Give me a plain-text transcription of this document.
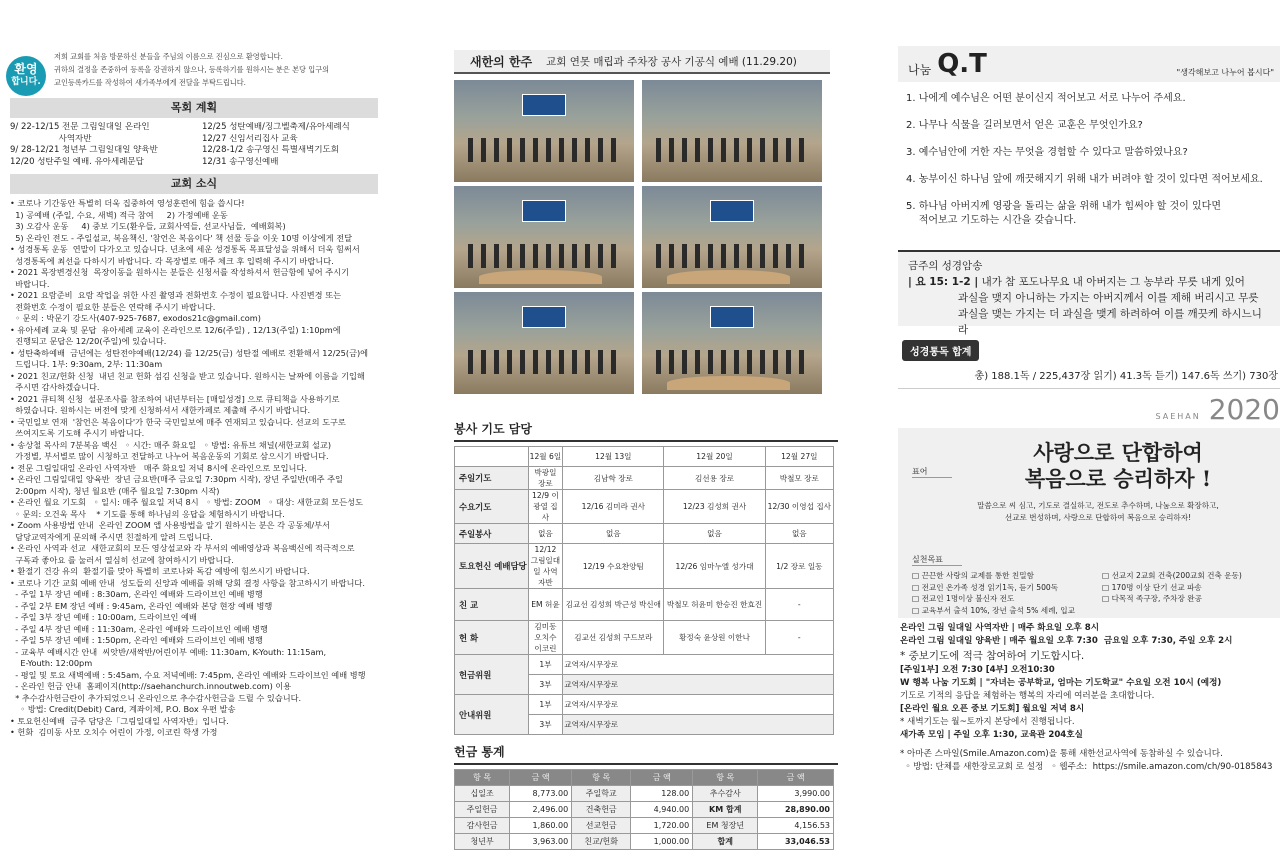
환영
합니다.

저희 교회를 처음 방문하신 분들을 주님의 이름으로 진심으로 환영합니다.

귀하의 결정을 존중하여 등록을 강권하지 않으나, 등록하기를 원하시는 분은 본당 입구의

교인등록카드를 작성하여 새가족부에게 전달을 부탁드립니다.

목회 계획
9/ 22-12/15 전문 그림일대일 온라인	12/25 성탄예배/징그벨축제/유아세례식
사역자반	12/27 신임서리집사 교육
9/ 28-12/21 청년부 그림일대일 양육반	12/28-1/2 송구영신 특별새벽기도회
12/20 성탄주일 예배. 유아세례문답	12/31 송구영신예배
교회 소식

• 코로나 기간동안 특별히 더욱 집중하여 영성훈련에 힘을 씁시다!

1) 공예배 (주일, 수요, 새벽) 적극 참여     2) 가정예배 운동

3) 오감사 운동     4) 중보 기도(환우들, 교회사역들, 선교사님들,  예배회복)

5) 온라인 전도 - 주일설교, 복음책신, '참언은 복음이다' 책 선물 등을 이웃 10명 이상에게 전달

• 성경통독 운동  연말이 다가오고 있습니다. 년초에 세운 성경통독 목표달성을 위해서 더욱 힘써서

성경통독에 최선을 다하시기 바랍니다. 각 목장별로 매주 체크 후 입력해 주시기 바랍니다.

• 2021 목장변경신청  목장이동을 원하시는 분들은 신청서를 작성하셔서 헌금함에 넣어 주시기

바랍니다.

• 2021 요람준비  요람 작업을 위한 사진 촬영과 전화번호 수정이 필요합니다. 사진변경 또는

전화번호 수정이 필요한 분들은 연락해 주시기 바랍니다.

◦ 문의 : 박문기 강도사(407-925-7687, exodos21c@gmail.com)

• 유아세례 교육 및 문답  유아세례 교육이 온라인으로 12/6(주일) , 12/13(주일) 1:10pm에

진행되고 문답은 12/20(주일)에 있습니다.

• 성탄축하예배  금년에는 성탄전야예배(12/24) 를 12/25(금) 성탄절 예배로 전환해서 12/25(금)에

드립니다. 1부: 9:30am, 2부: 11:30am

• 2021 친교/헌화 신청  내년 친교 헌화 섬김 신청을 받고 있습니다. 원하시는 날짜에 이름을 기입해

주시면 감사하겠습니다.

• 2021 큐티책 신청  설문조사를 참조하여 내년부터는 [매일성경] 으로 큐티책을 사용하기로

하였습니다. 원하시는 버전에 맞게 신청하셔서 새한카페로 제출해 주시기 바랍니다.

• 국민일보 연재  '참언은 복음이다'가 한국 국민일보에 매주 연재되고 있습니다. 선교의 도구로

쓰여지도록 기도해 주시기 바랍니다.

• 송상철 목사의 7분복음 백신   ◦ 시간: 매주 화요일   ◦ 방법: 유튜브 채널(새한교회 설교)

가정별, 부서별로 많이 시청하고 전달하고 나누어 복음운동의 기회로 삼으시기 바랍니다.

• 전문 그림일대일 온라인 사역자반   매주 화요일 저녁 8시에 온라인으로 모입니다.

• 온라인 그림일대일 양육반  장년 금요반(매주 금요일 7:30pm 시작), 장년 주일반(매주 주일

2:00pm 시작), 청년 월요반 (매주 월요일 7:30pm 시작)

• 온라인 월요 기도회   ◦ 일시: 매주 월요일 저녁 8시   ◦ 방법: ZOOM   ◦ 대상: 새한교회 모든성도

◦ 문의: 오건욱 목사    * 기도를 통해 하나님의 응답을 체험하시기 바랍니다.

• Zoom 사용방법 안내  온라인 ZOOM 앱 사용방법을 알기 원하시는 분은 각 공동체/부서

담당교역자에게 문의해 주시면 친절하게 알려 드립니다.

• 온라인 사역과 선교  새한교회의 모든 영상설교와 각 부서의 예배영상과 복음백신에 적극적으로

구독과 좋아요 를 눌러서 열심히 선교에 참여하시기 바랍니다.

• 환절기 건강 유의  환절기를 맞아 특별히 코로나와 독감 예방에 힘쓰시기 바랍니다.

• 코로나 기간 교회 예배 안내  성도들의 신앙과 예배를 위해 당회 결정 사항을 참고하시기 바랍니다.

- 주일 1부 장년 예배 : 8:30am, 온라인 예배와 드라이브인 예배 병행

- 주일 2부 EM 장년 예배 : 9:45am, 온라인 예배와 본당 현장 예배 병행

- 주일 3부 장년 예배 : 10:00am, 드라이브인 예배

- 주일 4부 장년 예배 : 11:30am, 온라인 예배와 드라이브인 예배 병행

- 주일 5부 장년 예배 : 1:50pm, 온라인 예배와 드라이브인 예배 병행

- 교육부 예배시간 안내  씨앗반/새싹반/어린이부 예배: 11:30am, K-Youth: 11:15am,

E-Youth: 12:00pm

- 평일 및 토요 새벽예배 : 5:45am, 수요 저녁예배: 7:45pm, 온라인 예배와 드라이브인 예배 병행

- 온라인 헌금 안내  홈페이지(http://saehanchurch.innoutweb.com) 이용

* 추수감사헌금란이 추가되었으니 온라인으로 추수감사헌금을 드릴 수 있습니다.

◦ 방법: Credit(Debit) Card, 계좌이체, P.O. Box 우편 발송

• 토요헌신예배  금주 담당은「그림일대일 사역자반」입니다.

• 헌화  김미동 사모 오치수 어린이 가정, 이코린 학생 가정

새한의 한주 교회 연못 매립과 주차장 공사 기공식 예배 (11.29.20)
봉사 기도 담당
	12월 6일	12월 13일	12월 20일	12월 27일
주일기도	박광일 장로	김남학 장로	김선용 장로	박철모 장로
수요기도	12/9 이광열 집사	12/16 김미라 권사	12/23 김성희 권사	12/30 이영섭 집사
주일봉사	없음	없음	없음	없음
토요헌신 예배담당	12/12 그림일대일 사역자반	12/19 수요찬양팀	12/26 임마누엘 성가대	1/2 장로 일동
친 교	EM 허윤	김교선 김성희 박근성 박신애	박철모 허윤미 한승진 한효진	-
헌 화	김미동 오치수 이코린	김교선 김성희 구드보라	황정숙 윤상원 이한나	-
헌금위원	1부	교역자/시무장로		
	3부	교역자/시무장로		
안내위원	1부	교역자/시무장로		
	3부	교역자/시무장로		
헌금 통계
항 목	금 액	항 목	금 액	항 목	금 액
십일조	8,773.00	주일학교	128.00	추수감사	3,990.00
주일헌금	2,496.00	건축헌금	4,940.00	KM 합계	28,890.00
감사헌금	1,860.00	선교헌금	1,720.00	EM 청장년	4,156.53
청년부	3,963.00	친교/헌화	1,000.00	합계	33,046.53
나눔 Q.T	"생각해보고 나누어 봅시다"

1. 나에게 예수님은 어떤 분이신지 적어보고 서로 나누어 주세요.

2. 나무나 식물을 길러보면서 얻은 교훈은 무엇인가요?

3. 예수님안에 거한 자는 무엇을 경험할 수 있다고 말씀하였나요?

4. 농부이신 하나님 앞에 깨끗해지기 위해 내가 버려야 할 것이 있다면 적어보세요.

5. 하나님 아버지께 영광을 돌리는 삶을 위해 내가 힘써야 할 것이 있다면

적어보고 기도하는 시간을 갖습니다.

금주의 성경암송
| 요 15: 1-2 | 내가 참 포도나무요 내 아버지는 그 농부라 무릇 내게 있어
과실을 맺지 아니하는 가지는 아버지께서 이를 제해 버리시고 무릇
과실을 맺는 가지는 더 과실을 맺게 하려하여 이를 깨끗케 하시느니라
성경통독 합계
총) 188.1독 / 225,437장 읽기) 41.3독 듣기) 147.6독 쓰기) 730장
SAEHAN 2020
표어
사랑으로 단합하여
복음으로 승리하자 !
말씀으로 씨 심고, 기도로 결실하고, 전도로 추수하며, 나눔으로 확장하고,
선교로 번성하며, 사랑으로 단합하여 복음으로 승리하자!
실천목표
□ 끈끈한 사랑의 교제를 통한 친밀함	□ 선교지 2교회 건축(200교회 건축 운동)
□ 전교인 온가족 성경 읽기1독, 듣기 500독	□ 170명 이상 단기 선교 파송
□ 전교인 1명이상 불신자 전도	□ 다목적 족구장, 주차장 완공
□ 교육부서 출석 10%, 장년 출석 5% 세례, 입교

온라인 그림 일대일 사역자반 | 매주 화요일 오후 8시

온라인 그림 일대일 양육반 | 매주 월요일 오후 7:30  금요일 오후 7:30, 주일 오후 2시

* 중보기도에 적극 참여하여 기도합시다.

[주일1부] 오전 7:30 [4부] 오전10:30

W 행복 나눔 기도회 | "자녀는 공부학교, 엄마는 기도학교" 수요일 오전 10시 (예정)

기도로 기적의 응답을 체험하는 행복의 자리에 여러분을 초대합니다.

[온라인 월요 오픈 중보 기도회] 월요일 저녁 8시

* 새벽기도는 월~토까지 본당에서 진행됩니다.

새가족 모임 | 주일 오후 1:30, 교육관 204호실

* 아마존 스마일(Smile.Amazon.com)을 통해 새한선교사역에 동참하실 수 있습니다.

◦ 방법: 단체를 새한장로교회 로 설정   ◦ 웹주소:  https://smile.amazon.com/ch/90-0185843
